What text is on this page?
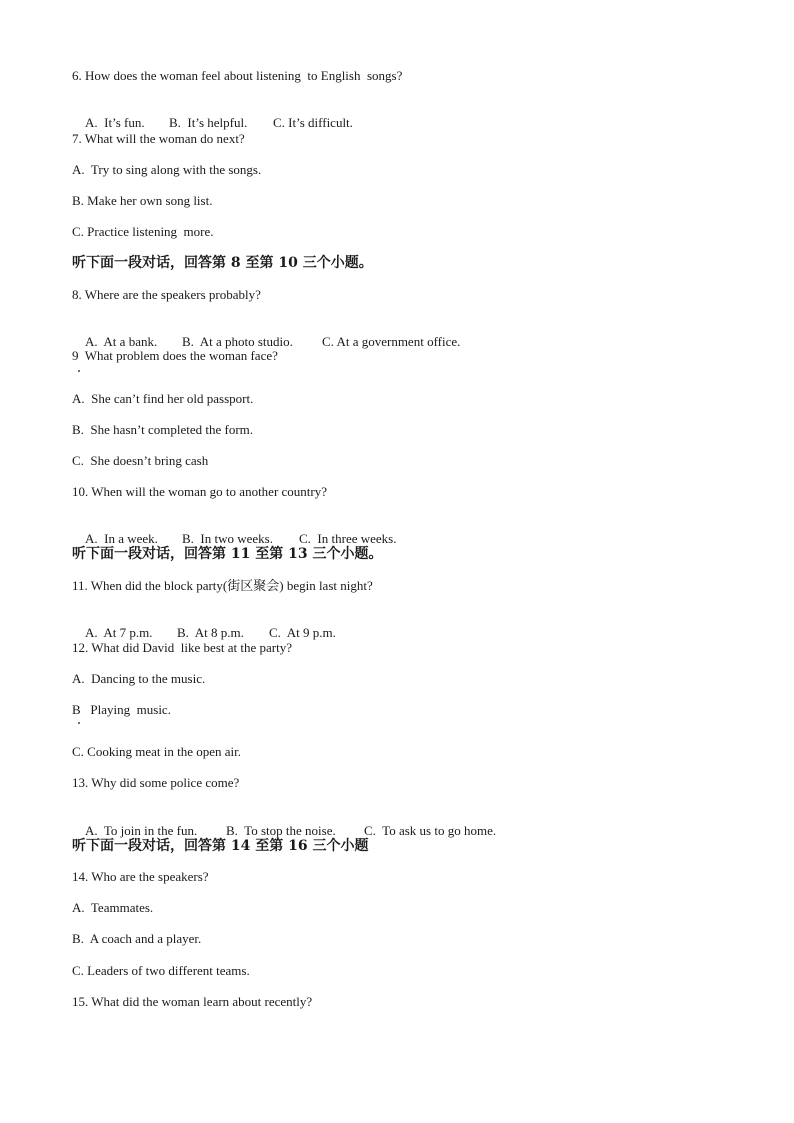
6. How does the woman feel about listening  to English  songs?

A.  It’s fun. B.  It’s helpful. C. It’s difficult.

7. What will the woman do next?
A.  Try to sing along with the songs.
B. Make her own song list.
C. Practice listening  more.
听下面一段对话，回答第 8 至第 10 三个小题。
8. Where are the speakers probably?

A.  At a bank. B.  At a photo studio. C. At a government office.

9  What problem does the woman face?
A.  She can’t find her old passport.
B.  She hasn’t completed the form.
C.  She doesn’t bring cash
10. When will the woman go to another country?

A.  In a week. B.  In two weeks. C.  In three weeks.

听下面一段对话，回答第 11 至第 13 三个小题。
11. When did the block party(街区聚会) begin last night?

A.  At 7 p.m. B.  At 8 p.m. C.  At 9 p.m.

12. What did David  like best at the party?
A.  Dancing to the music.
B   Playing  music.
C. Cooking meat in the open air.
13. Why did some police come?

A.  To join in the fun. B.  To stop the noise. C.  To ask us to go home.

听下面一段对话，回答第 14 至第 16 三个小题
14. Who are the speakers?
A.  Teammates.
B.  A coach and a player.
C. Leaders of two different teams.
15. What did the woman learn about recently?
